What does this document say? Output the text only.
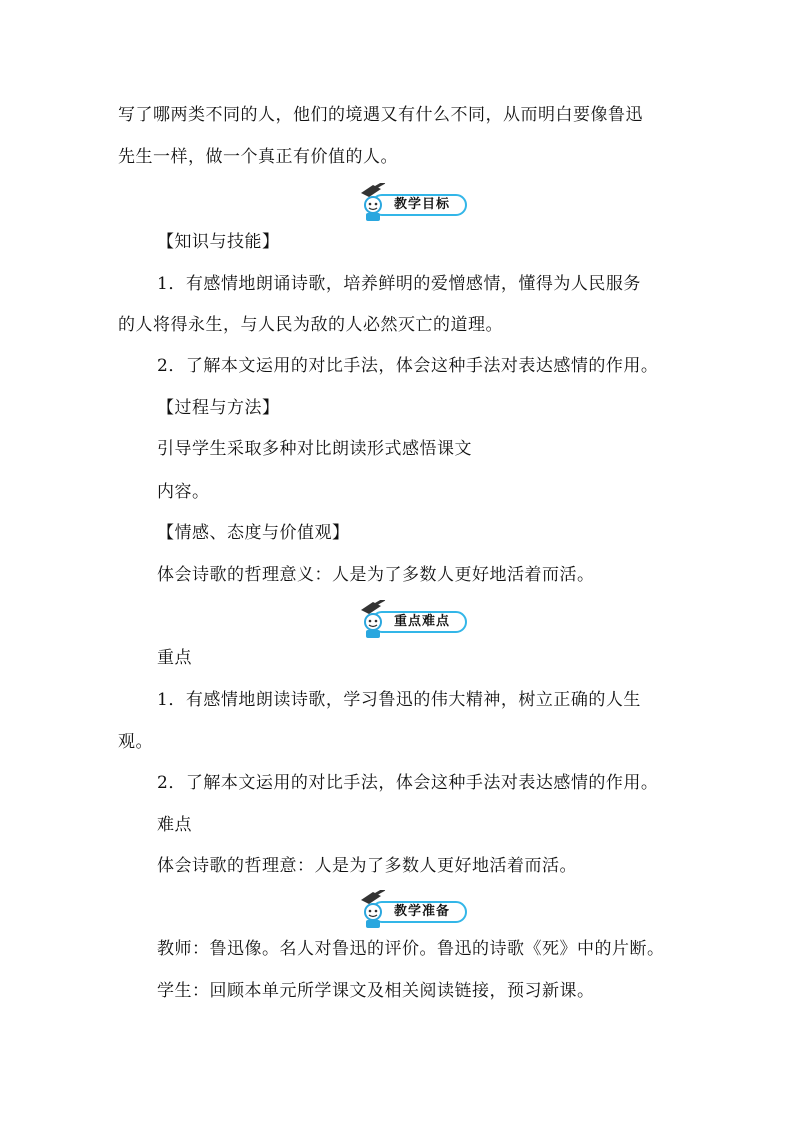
写了哪两类不同的人，他们的境遇又有什么不同，从而明白要像鲁迅
先生一样，做一个真正有价值的人。
教学目标
【知识与技能】
1．有感情地朗诵诗歌，培养鲜明的爱憎感情，懂得为人民服务
的人将得永生，与人民为敌的人必然灭亡的道理。
2．了解本文运用的对比手法，体会这种手法对表达感情的作用。
【过程与方法】
引导学生采取多种对比朗读形式感悟课文
内容。
【情感、态度与价值观】
体会诗歌的哲理意义：人是为了多数人更好地活着而活。
重点难点
重点
1．有感情地朗读诗歌，学习鲁迅的伟大精神，树立正确的人生
观。
2．了解本文运用的对比手法，体会这种手法对表达感情的作用。
难点
体会诗歌的哲理意：人是为了多数人更好地活着而活。
教学准备
教师：鲁迅像。名人对鲁迅的评价。鲁迅的诗歌《死》中的片断。
学生：回顾本单元所学课文及相关阅读链接，预习新课。
